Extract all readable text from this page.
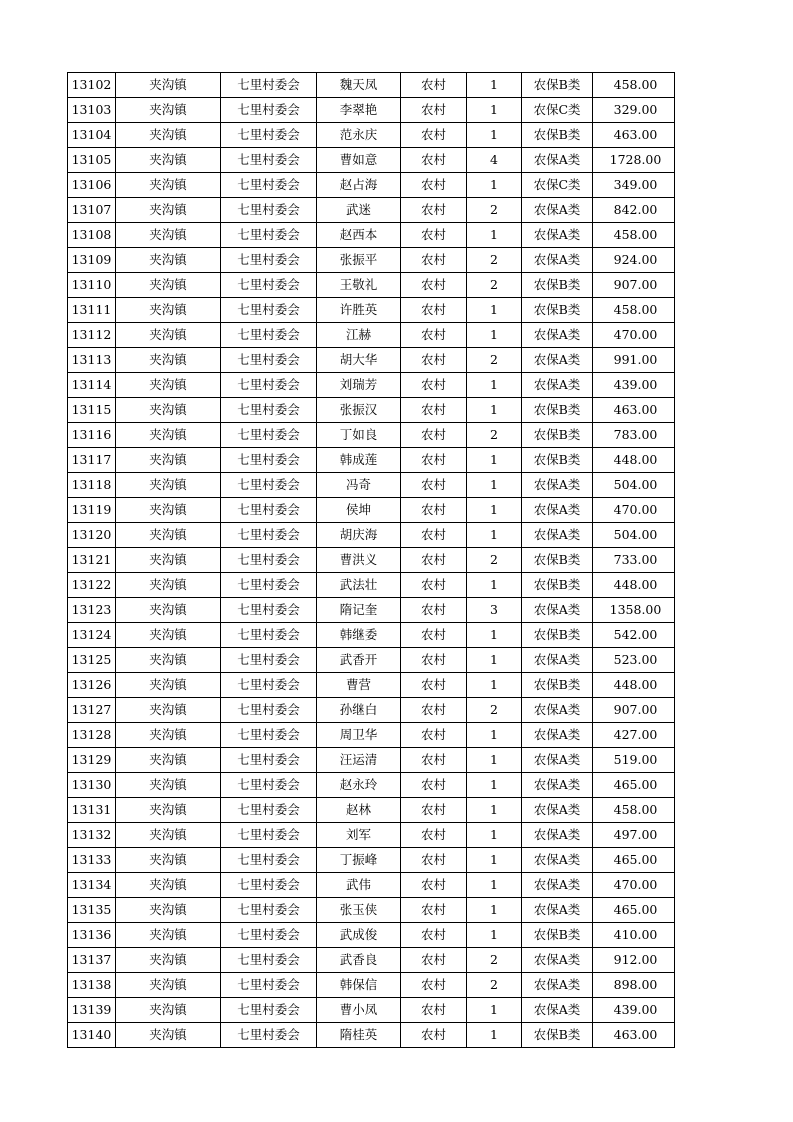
13102	夹沟镇	七里村委会	魏天凤	农村	1	农保B类	458.00
13103	夹沟镇	七里村委会	李翠艳	农村	1	农保C类	329.00
13104	夹沟镇	七里村委会	范永庆	农村	1	农保B类	463.00
13105	夹沟镇	七里村委会	曹如意	农村	4	农保A类	1728.00
13106	夹沟镇	七里村委会	赵占海	农村	1	农保C类	349.00
13107	夹沟镇	七里村委会	武迷	农村	2	农保A类	842.00
13108	夹沟镇	七里村委会	赵西本	农村	1	农保A类	458.00
13109	夹沟镇	七里村委会	张振平	农村	2	农保A类	924.00
13110	夹沟镇	七里村委会	王敬礼	农村	2	农保B类	907.00
13111	夹沟镇	七里村委会	许胜英	农村	1	农保B类	458.00
13112	夹沟镇	七里村委会	江赫	农村	1	农保A类	470.00
13113	夹沟镇	七里村委会	胡大华	农村	2	农保A类	991.00
13114	夹沟镇	七里村委会	刘瑞芳	农村	1	农保A类	439.00
13115	夹沟镇	七里村委会	张振汉	农村	1	农保B类	463.00
13116	夹沟镇	七里村委会	丁如良	农村	2	农保B类	783.00
13117	夹沟镇	七里村委会	韩成莲	农村	1	农保B类	448.00
13118	夹沟镇	七里村委会	冯奇	农村	1	农保A类	504.00
13119	夹沟镇	七里村委会	侯坤	农村	1	农保A类	470.00
13120	夹沟镇	七里村委会	胡庆海	农村	1	农保A类	504.00
13121	夹沟镇	七里村委会	曹洪义	农村	2	农保B类	733.00
13122	夹沟镇	七里村委会	武法壮	农村	1	农保B类	448.00
13123	夹沟镇	七里村委会	隋记奎	农村	3	农保A类	1358.00
13124	夹沟镇	七里村委会	韩继委	农村	1	农保B类	542.00
13125	夹沟镇	七里村委会	武香开	农村	1	农保A类	523.00
13126	夹沟镇	七里村委会	曹营	农村	1	农保B类	448.00
13127	夹沟镇	七里村委会	孙继白	农村	2	农保A类	907.00
13128	夹沟镇	七里村委会	周卫华	农村	1	农保A类	427.00
13129	夹沟镇	七里村委会	汪运清	农村	1	农保A类	519.00
13130	夹沟镇	七里村委会	赵永玲	农村	1	农保A类	465.00
13131	夹沟镇	七里村委会	赵林	农村	1	农保A类	458.00
13132	夹沟镇	七里村委会	刘军	农村	1	农保A类	497.00
13133	夹沟镇	七里村委会	丁振峰	农村	1	农保A类	465.00
13134	夹沟镇	七里村委会	武伟	农村	1	农保A类	470.00
13135	夹沟镇	七里村委会	张玉侠	农村	1	农保A类	465.00
13136	夹沟镇	七里村委会	武成俊	农村	1	农保B类	410.00
13137	夹沟镇	七里村委会	武香良	农村	2	农保A类	912.00
13138	夹沟镇	七里村委会	韩保信	农村	2	农保A类	898.00
13139	夹沟镇	七里村委会	曹小凤	农村	1	农保A类	439.00
13140	夹沟镇	七里村委会	隋桂英	农村	1	农保B类	463.00
